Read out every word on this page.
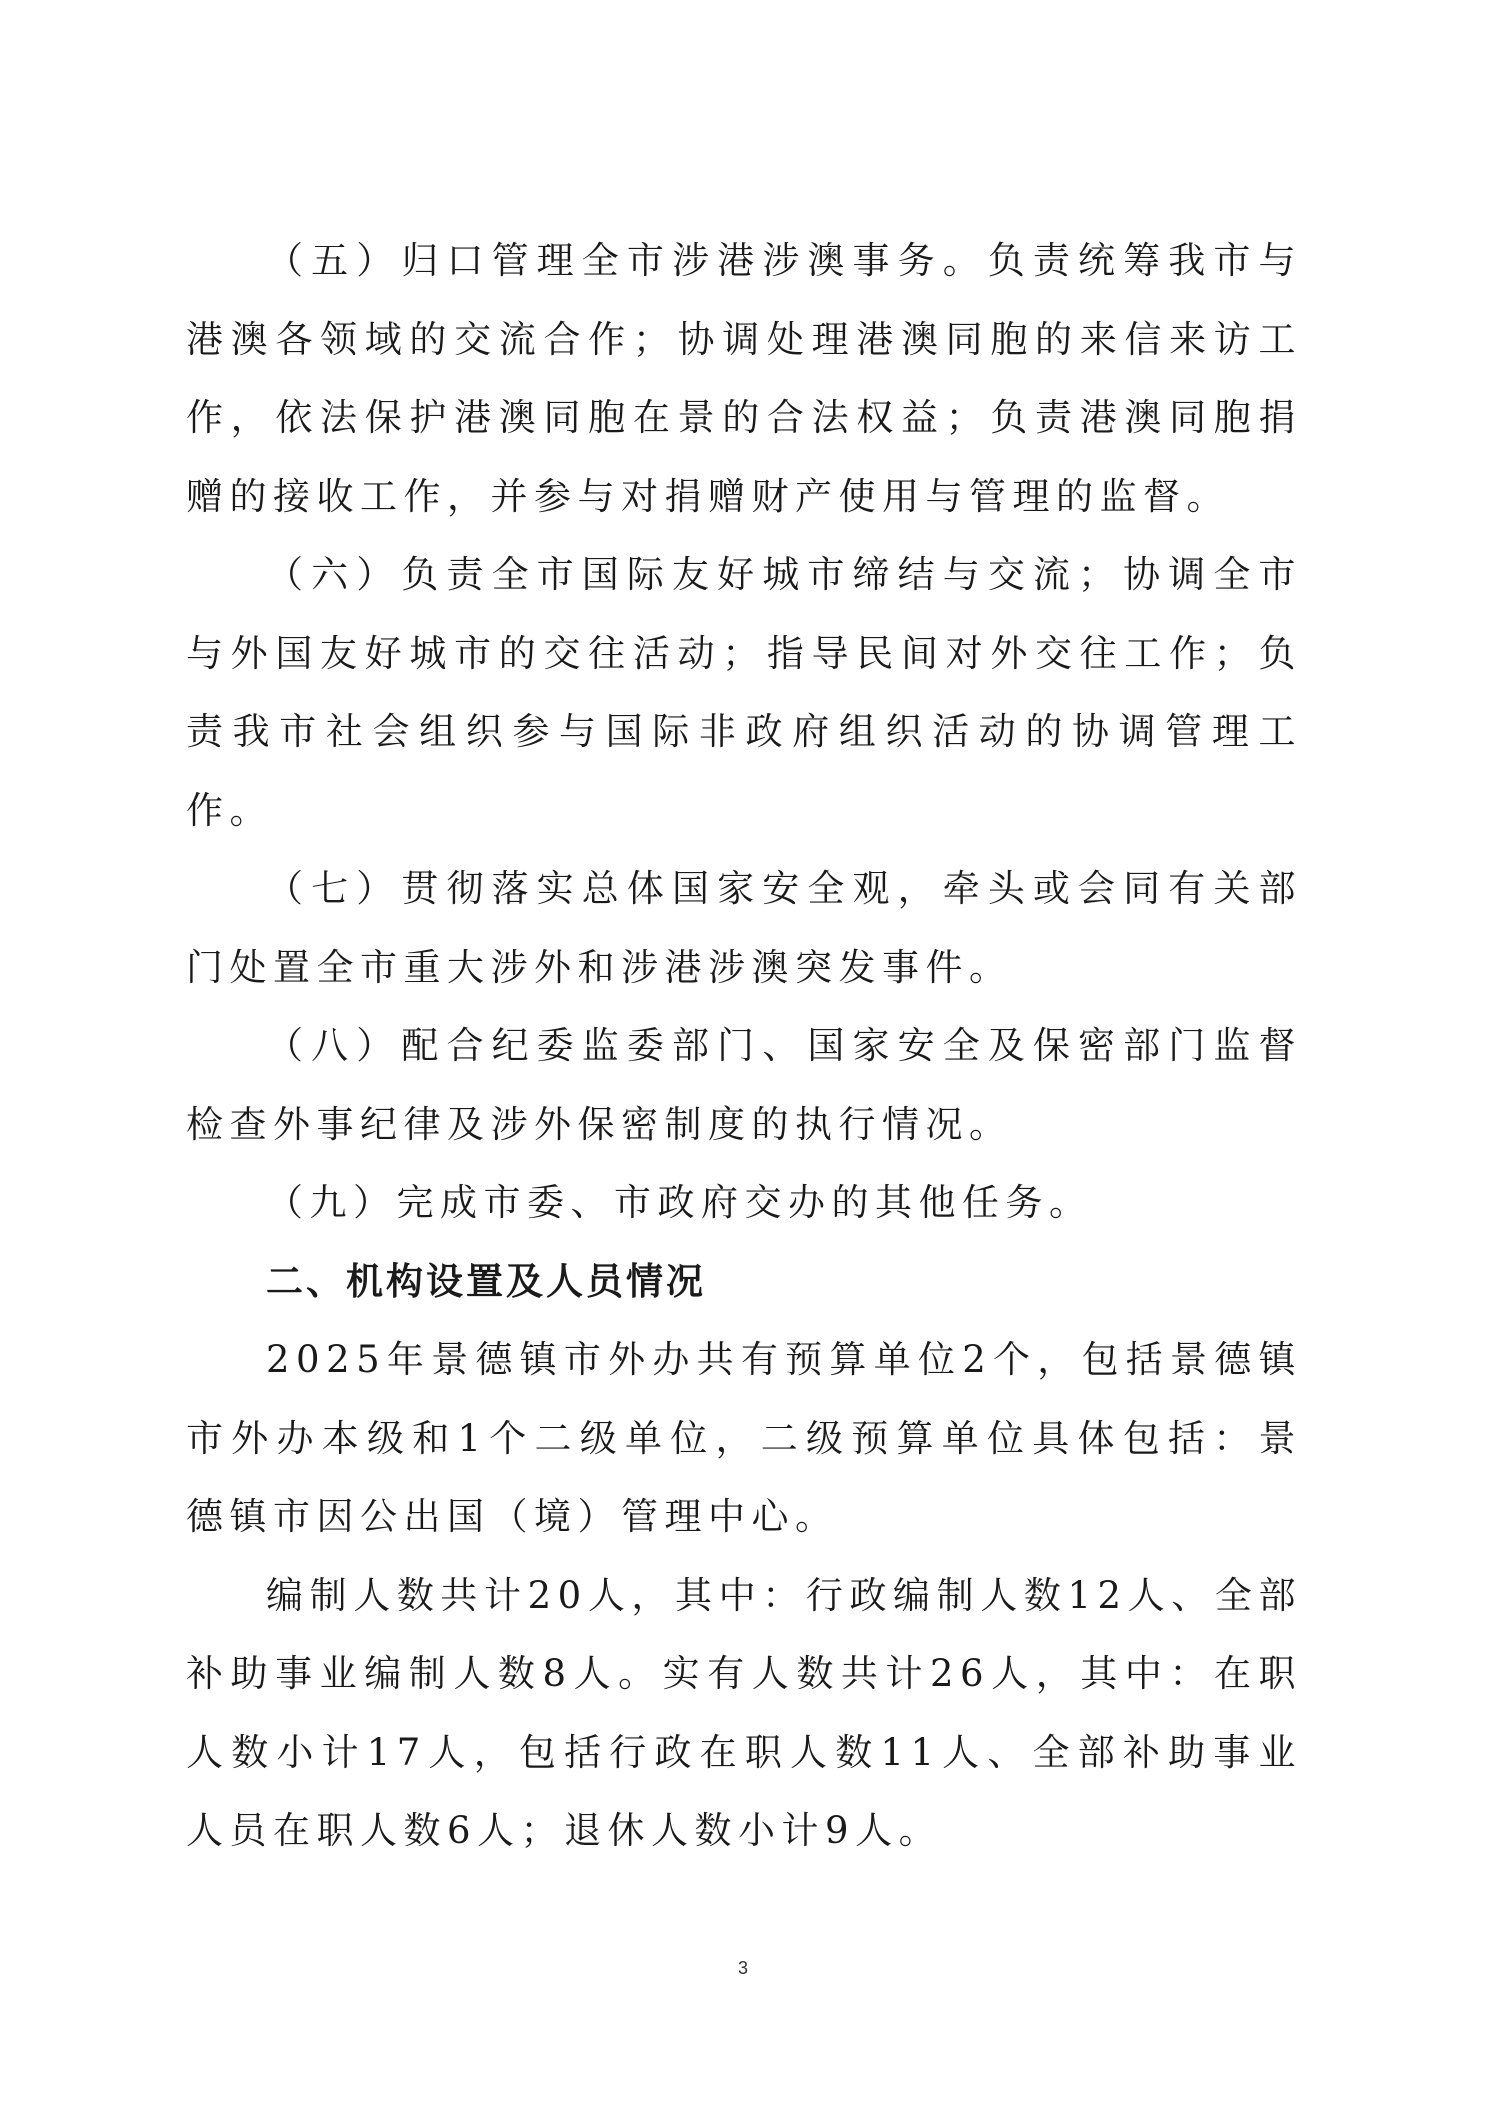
（五）归口管理全市涉港涉澳事务。负责统筹我市与港澳各领域的交流合作；协调处理港澳同胞的来信来访工作，依法保护港澳同胞在景的合法权益；负责港澳同胞捐赠的接收工作，并参与对捐赠财产使用与管理的监督。

（六）负责全市国际友好城市缔结与交流；协调全市与外国友好城市的交往活动；指导民间对外交往工作；负责我市社会组织参与国际非政府组织活动的协调管理工作。

（七）贯彻落实总体国家安全观，牵头或会同有关部门处置全市重大涉外和涉港涉澳突发事件。

（八）配合纪委监委部门、国家安全及保密部门监督检查外事纪律及涉外保密制度的执行情况。

（九）完成市委、市政府交办的其他任务。

二、机构设置及人员情况

2025年景德镇市外办共有预算单位2个，包括景德镇市外办本级和1个二级单位，二级预算单位具体包括：景德镇市因公出国（境）管理中心。

编制人数共计20人，其中：行政编制人数12人、全部补助事业编制人数8人。实有人数共计26人，其中：在职人数小计17人，包括行政在职人数11人、全部补助事业人员在职人数6人；退休人数小计9人。

3
